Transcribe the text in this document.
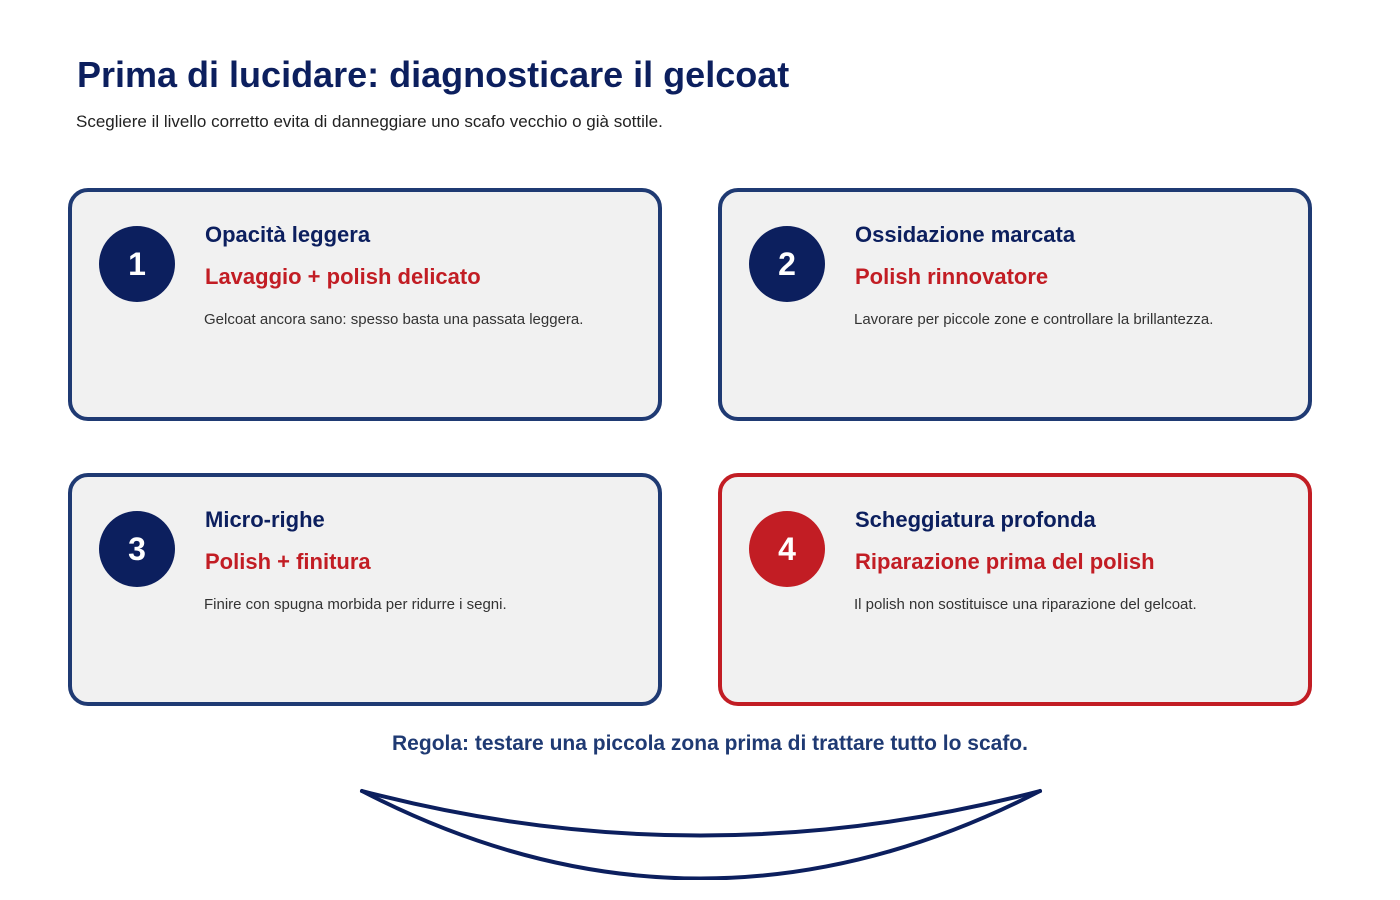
Prima di lucidare: diagnosticare il gelcoat

Scegliere il livello corretto evita di danneggiare uno scafo vecchio o già sottile.

1
Opacità leggera
Lavaggio + polish delicato
Gelcoat ancora sano: spesso basta una passata leggera.
2
Ossidazione marcata
Polish rinnovatore
Lavorare per piccole zone e controllare la brillantezza.
3
Micro-righe
Polish + finitura
Finire con spugna morbida per ridurre i segni.
4
Scheggiatura profonda
Riparazione prima del polish
Il polish non sostituisce una riparazione del gelcoat.
Regola: testare una piccola zona prima di trattare tutto lo scafo.
